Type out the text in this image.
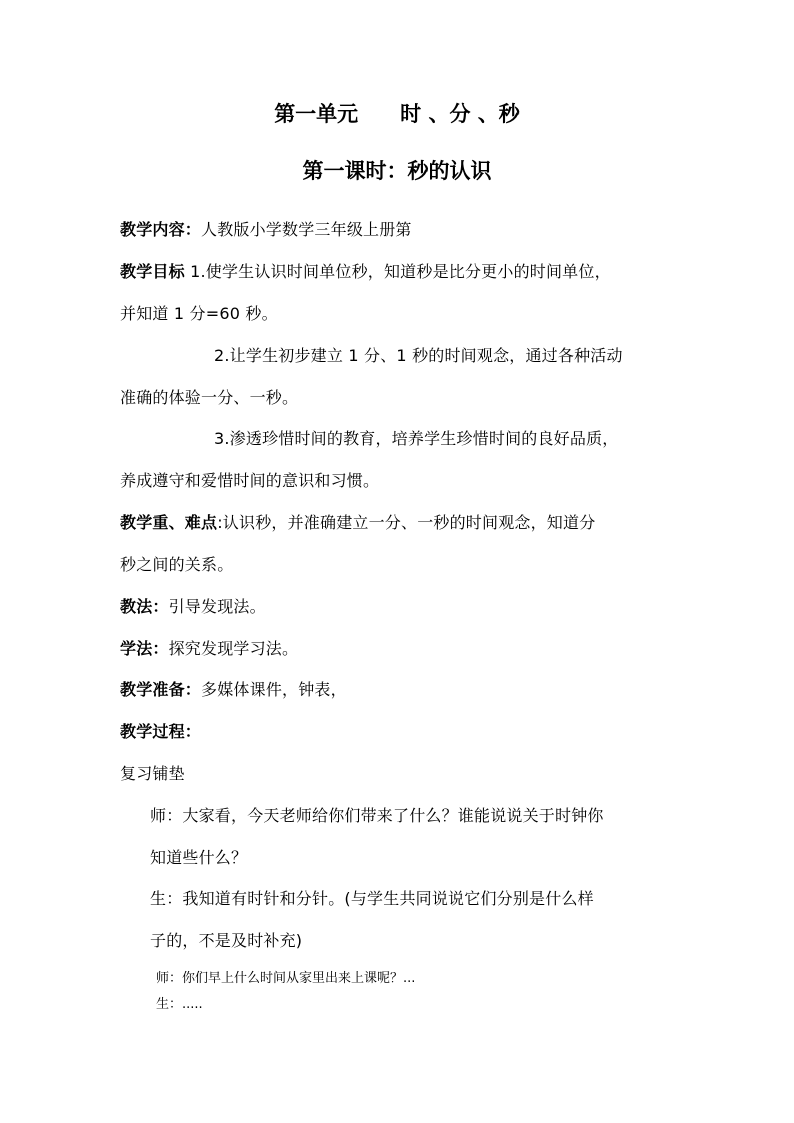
第一单元　　时 、分 、秒

第一课时：秒的认识

教学内容：人教版小学数学三年级上册第

教学目标 1.使学生认识时间单位秒，知道秒是比分更小的时间单位，

并知道 1 分=60 秒。

2.让学生初步建立 1 分、1 秒的时间观念，通过各种活动

准确的体验一分、一秒。

3.渗透珍惜时间的教育，培养学生珍惜时间的良好品质，

养成遵守和爱惜时间的意识和习惯。

教学重、难点:认识秒，并准确建立一分、一秒的时间观念，知道分

秒之间的关系。

教法：引导发现法。

学法：探究发现学习法。

教学准备：多媒体课件，钟表，

教学过程：

复习铺垫

师：大家看，今天老师给你们带来了什么？谁能说说关于时钟你

知道些什么？

生：我知道有时针和分针。(与学生共同说说它们分别是什么样

子的，不是及时补充)

师：你们早上什么时间从家里出来上课呢？...

生：.....
